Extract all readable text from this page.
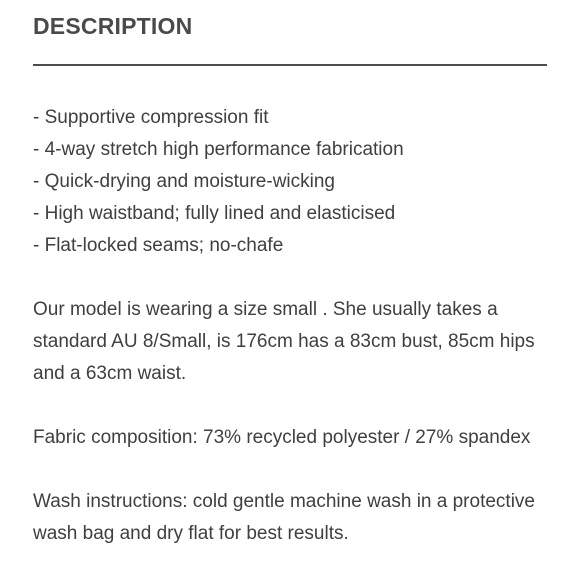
DESCRIPTION
- Supportive compression fit
- 4-way stretch high performance fabrication
- Quick-drying and moisture-wicking
- High waistband; fully lined and elasticised
- Flat-locked seams; no-chafe

Our model is wearing a size small . She usually takes a standard AU 8/Small, is 176cm has a 83cm bust, 85cm hips and a 63cm waist.

Fabric composition: 73% recycled polyester / 27% spandex

Wash instructions: cold gentle machine wash in a protective wash bag and dry flat for best results.
